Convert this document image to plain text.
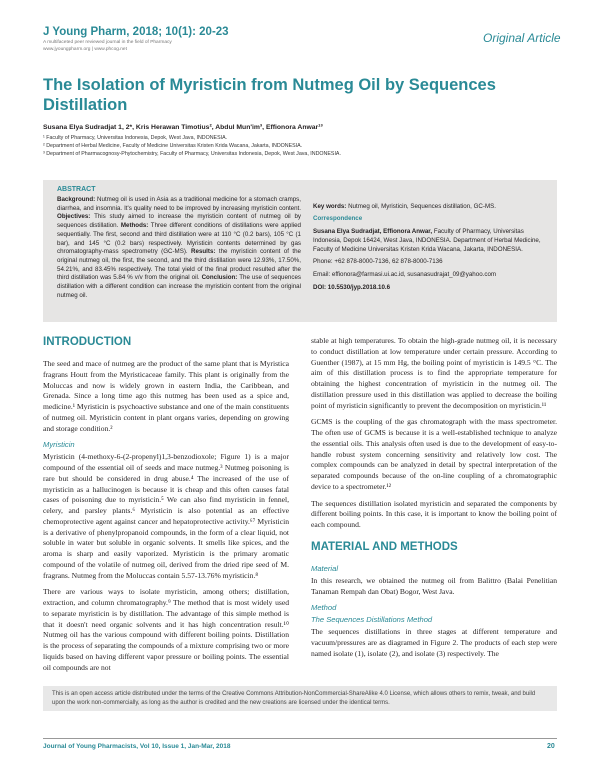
J Young Pharm, 2018; 10(1): 20-23
A multifaceted peer reviewed journal in the field of Pharmacy
www.jyoungpharm.org | www.phcog.net
Original Article
The Isolation of Myristicin from Nutmeg Oil by Sequences Distillation
Susana Elya Sudradjat 1, 2*, Kris Herawan Timotius², Abdul Mun'im³, Effionora Anwar¹³
¹ Faculty of Pharmacy, Universitas Indonesia, Depok, West Java, INDONESIA.
² Department of Herbal Medicine, Faculty of Medicine Universitas Kristen Krida Wacana, Jakarta, INDONESIA.
³ Department of Pharmacognosy-Phytochemistry, Faculty of Pharmacy, Universitas Indonesia, Depok, West Java, INDONESIA.
ABSTRACT
Background: Nutmeg oil is used in Asia as a traditional medicine for a stomach cramps, diarrhea, and insomnia. It's quality need to be improved by increasing myristicin content. Objectives: This study aimed to increase the myristicin content of nutmeg oil by sequences distillation. Methods: Three different conditions of distillations were applied sequentially. The first, second and third distillation were at 110 °C (0.2 bars), 105 °C (1 bar), and 145 °C (0.2 bars) respectively. Myristicin contents determined by gas chromatography-mass spectrometry (GC-MS). Results: the myristicin content of the original nutmeg oil, the first, the second, and the third distillation were 12.93%, 17.50%, 54.21%, and 83.45% respectively. The total yield of the final product resulted after the third distillation was 5.84 % v/v from the original oil. Conclusion: The use of sequences distillation with a different condition can increase the myristicin content from the original nutmeg oil.

Key words: Nutmeg oil, Myristicin, Sequences distillation, GC-MS.

Correspondence

Susana Elya Sudradjat, Effionora Anwar, Faculty of Pharmacy, Universitas Indonesia, Depok 16424, West Java, INDONESIA. Department of Herbal Medicine, Faculty of Medicine Universitas Kristen Krida Wacana, Jakarta, INDONESIA.

Phone: +62 878-8000-7136, 62 878-8000-7136

Email: effionora@farmasi.ui.ac.id, susanasudrajat_09@yahoo.com

DOI: 10.5530/jyp.2018.10.6

INTRODUCTION

The seed and mace of nutmeg are the product of the same plant that is Myristica fragrans Houtt from the Myristicaceae family. This plant is originally from the Moluccas and now is widely grown in eastern India, the Caribbean, and Grenada. Since a long time ago this nutmeg has been used as a spice and, medicine.¹ Myristicin is psychoactive substance and one of the main constituents of nutmeg oil. Myristicin content in plant organs varies, depending on growing and storage condition.²

Myristicin

Myristicin (4-methoxy-6-(2-propenyl)1,3-benzodioxole; Figure 1) is a major compound of the essential oil of seeds and mace nutmeg.³ Nutmeg poisoning is rare but should be considered in drug abuse.⁴ The increased of the use of myristicin as a hallucinogen is because it is cheap and this often causes fatal cases of poisoning due to myristicin.⁵ We can also find myristicin in fennel, celery, and parsley plants.⁶ Myristicin is also potential as an effective chemoprotective agent against cancer and hepatoprotective activity.⁶⁷ Myristicin is a derivative of phenylpropanoid compounds, in the form of a clear liquid, not soluble in water but soluble in organic solvents. It smells like spices, and the aroma is sharp and easily vaporized. Myristicin is the primary aromatic compound of the volatile of nutmeg oil, derived from the dried ripe seed of M. fragrans. Nutmeg from the Moluccas contain 5.57-13.76% myristicin.⁸

There are various ways to isolate myristicin, among others; distillation, extraction, and column chromatography.⁹ The method that is most widely used to separate myristicin is by distillation. The advantage of this simple method is that it doesn't need organic solvents and it has high concentration result.¹⁰ Nutmeg oil has the various compound with different boiling points. Distillation is the process of separating the compounds of a mixture comprising two or more liquids based on having different vapor pressure or boiling points. The essential oil compounds are not

stable at high temperatures. To obtain the high-grade nutmeg oil, it is necessary to conduct distillation at low temperature under certain pressure. According to Guenther (1987), at 15 mm Hg, the boiling point of myristicin is 149.5 °C. The aim of this distillation process is to find the appropriate temperature for obtaining the highest concentration of myristicin in the nutmeg oil. The distillation pressure used in this distillation was applied to decrease the boiling point of myristicin significantly to prevent the decomposition on myristicin.¹¹

GCMS is the coupling of the gas chromatograph with the mass spectrometer. The often use of GCMS is because it is a well-established technique to analyze the essential oils. This analysis often used is due to the development of easy-to-handle robust system concerning sensitivity and relatively low cost. The complex compounds can be analyzed in detail by spectral interpretation of the separated compounds because of the on-line coupling of a chromatographic device to a spectrometer.¹²

The sequences distillation isolated myristicin and separated the components by different boiling points. In this case, it is important to know the boiling point of each compound.

MATERIAL AND METHODS
Material

In this research, we obtained the nutmeg oil from Balittro (Balai Penelitian Tanaman Rempah dan Obat) Bogor, West Java.

Method
The Sequences Distillations Method

The sequences distillations in three stages at different temperature and vacuum/pressures are as diagramed in Figure 2. The products of each step were named isolate (1), isolate (2), and isolate (3) respectively. The

This is an open access article distributed under the terms of the Creative Commons Attribution-NonCommercial-ShareAlike 4.0 License, which allows others to remix, tweak, and build upon the work non-commercially, as long as the author is credited and the new creations are licensed under the identical terms.
Journal of Young Pharmacists, Vol 10, Issue 1, Jan-Mar, 2018	20
